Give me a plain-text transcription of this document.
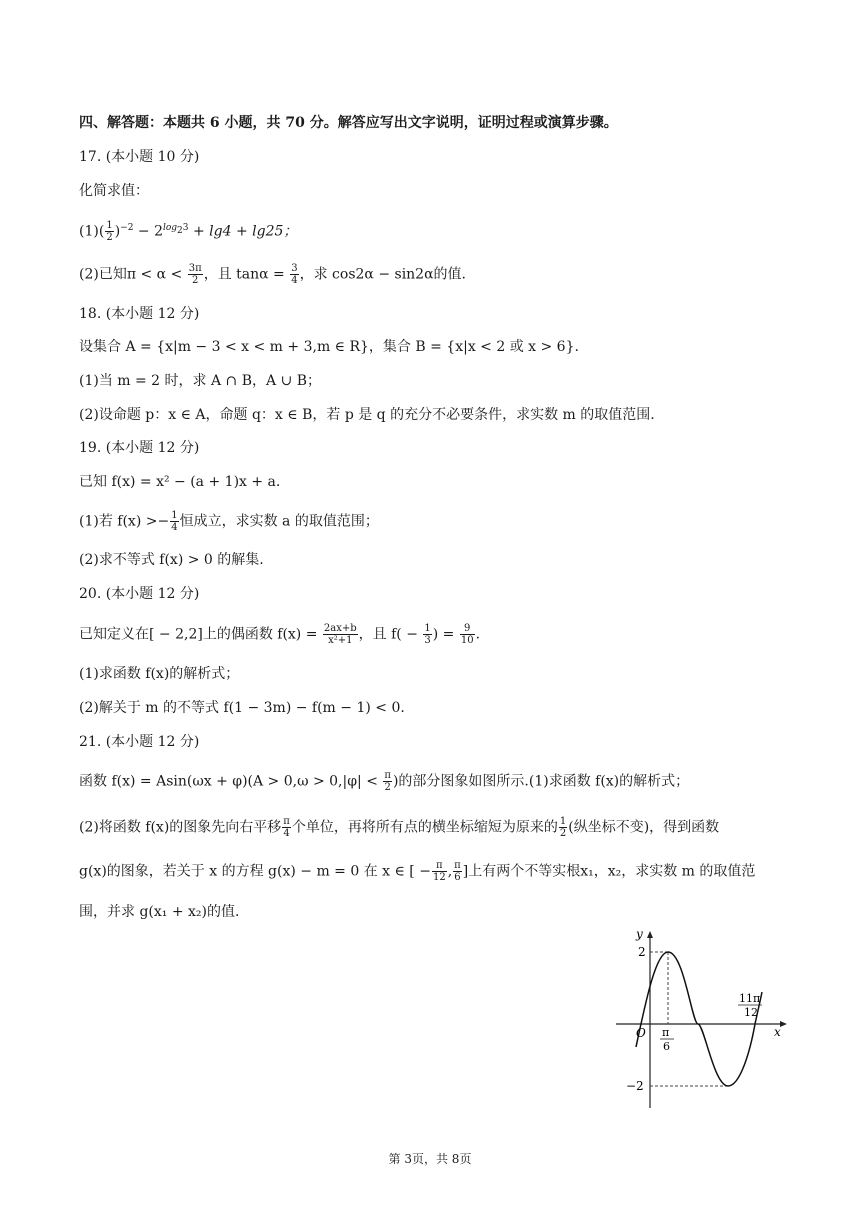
四、解答题：本题共 6 小题，共 70 分。解答应写出文字说明，证明过程或演算步骤。
17. (本小题 10 分)
化简求值：
$(1)( \frac{1}{2} )^{-2} - 2^{log_23} + \lg 4 + \lg 25$；
(2)已知$\pi < \alpha < \frac{3\pi}{2}$ ，且 $\tan\alpha = \frac{3}{4}$ ，求 cos2α − sin2α的值.
18. (本小题 12 分)
设集合 A = {x|m − 3 < x < m + 3,m ∈ R}，集合 B = {x|x < 2 或 x > 6}.
(1)当 m = 2 时，求 A ∩ B，A ∪ B；
(2)设命题 p：x ∈ A，命题 q：x ∈ B，若 p 是 q 的充分不必要条件，求实数 m 的取值范围.
19. (本小题 12 分)
已知 f(x) = x² − (a + 1)x + a.
(1)若 $f(x) >- \frac{1}{4}$ 恒成立，求实数 a 的取值范围；
(2)求不等式 f(x) > 0 的解集.
20. (本小题 12 分)
已知定义在[ − 2,2]上的偶函数 $f(x) = \frac{2ax+b}{\text{x²+1}}$ ，且 $f( - \frac{1}{3}$ ) = $\frac{9}{10}$ .
(1)求函数 f(x)的解析式；
(2)解关于 m 的不等式 f(1 − 3m) − f(m − 1) < 0.
21. (本小题 12 分)
函数 $f(x) = Asin(\omega x + \varphi)(A > 0,\omega > 0,|\varphi| < \frac{\pi}{2}$ )的部分图象如图所示.(1)求函数 f(x)的解析式；
(2)将函数 f(x)的图象先向右平移 $\frac{\pi}{4}$ 个单位，再将所有点的横坐标缩短为原来的 $\frac{1}{2}$ (纵坐标不变)，得到函数
g(x)的图象，若关于 x 的方程 g(x) − m = 0 在 x ∈ [ − $\frac{\pi}{12}$ , $\frac{\pi}{6}$ ]上有两个不等实根x₁，x₂，求实数 m 的取值范
围，并求 g(x₁ + x₂)的值.
y
x
O
2
−2
π
6
11π
12
第 3页，共 8页
